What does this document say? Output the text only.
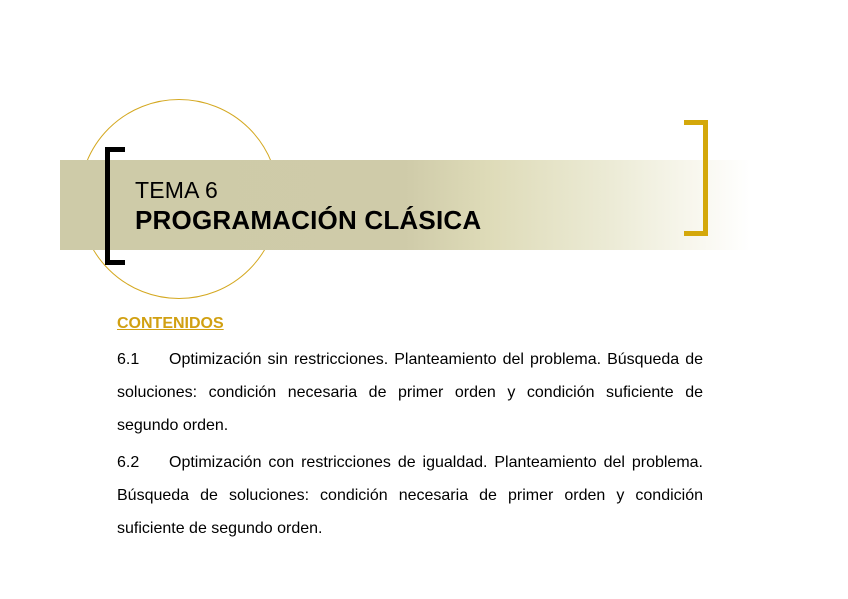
TEMA 6
PROGRAMACIÓN CLÁSICA
CONTENIDOS
6.1 Optimización sin restricciones. Planteamiento del problema. Búsqueda de soluciones: condición necesaria de primer orden y condición suficiente de segundo orden.
6.2 Optimización con restricciones de igualdad. Planteamiento del problema. Búsqueda de soluciones: condición necesaria de primer orden y condición suficiente de segundo orden.
